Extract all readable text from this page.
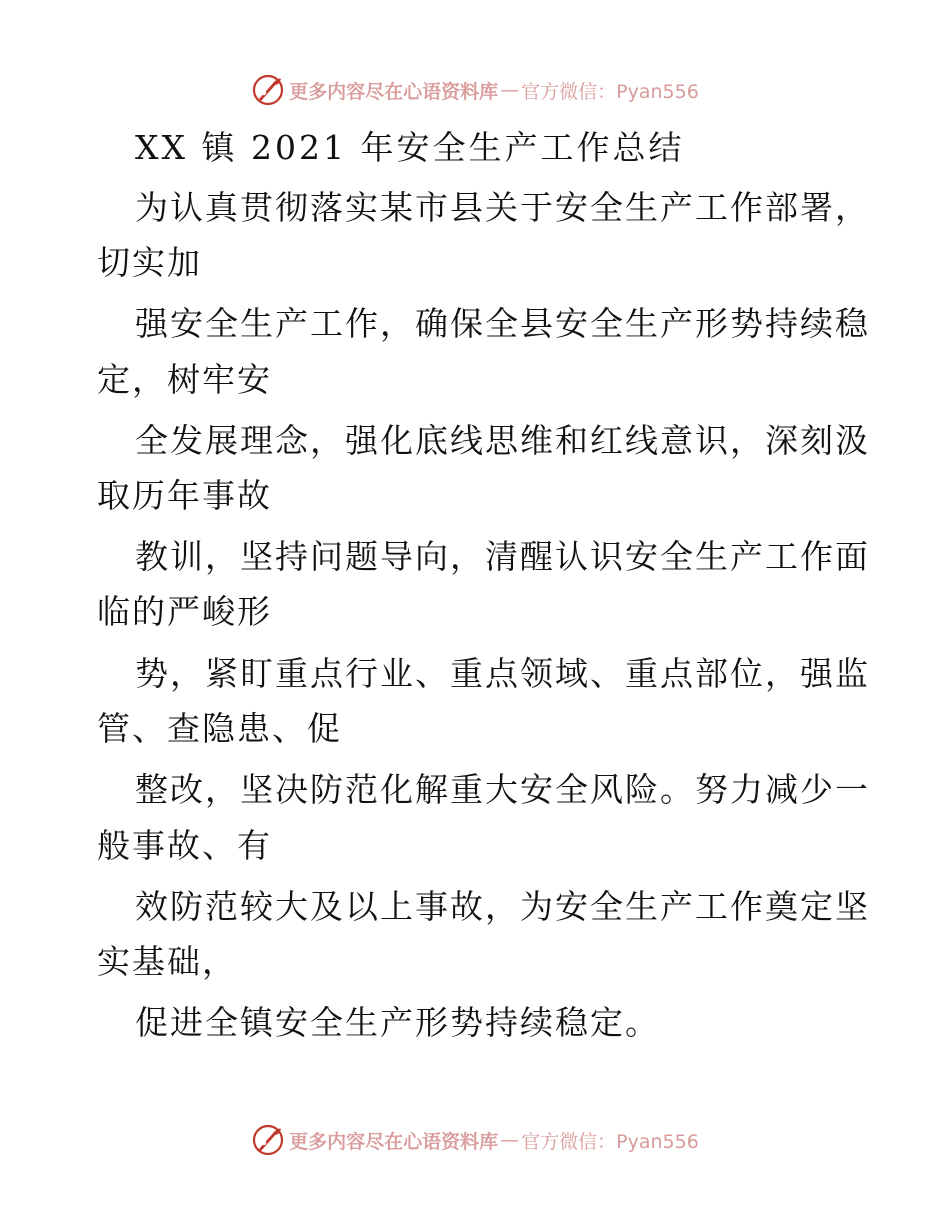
更多内容尽在心语资料库 — 官方微信：Pyan556
XX 镇 2021 年安全生产工作总结
为认真贯彻落实某市县关于安全生产工作部署，
切实加
强安全生产工作，确保全县安全生产形势持续稳
定，树牢安
全发展理念，强化底线思维和红线意识，深刻汲
取历年事故
教训，坚持问题导向，清醒认识安全生产工作面
临的严峻形
势，紧盯重点行业、重点领域、重点部位，强监
管、查隐患、促
整改，坚决防范化解重大安全风险。努力减少一
般事故、有
效防范较大及以上事故，为安全生产工作奠定坚
实基础，
促进全镇安全生产形势持续稳定。
更多内容尽在心语资料库 — 官方微信：Pyan556
